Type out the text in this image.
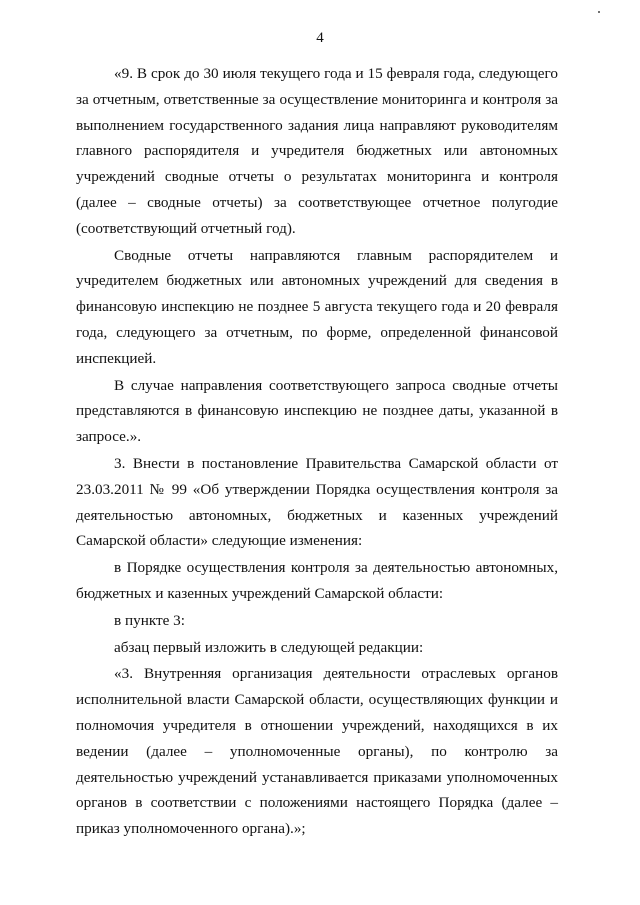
4

«9. В срок до 30 июля текущего года и 15 февраля года, следующего за отчетным, ответственные за осуществление мониторинга и контроля за выполнением государственного задания лица направляют руководителям главного распорядителя и учредителя бюджетных или автономных учреждений сводные отчеты о результатах мониторинга и контроля (далее – сводные отчеты) за соответствующее отчетное полугодие (соответствующий отчетный год).

Сводные отчеты направляются главным распорядителем и учредителем бюджетных или автономных учреждений для сведения в финансовую инспекцию не позднее 5 августа текущего года и 20 февраля года, следующего за отчетным, по форме, определенной финансовой инспекцией.

В случае направления соответствующего запроса сводные отчеты представляются в финансовую инспекцию не позднее даты, указанной в запросе.».

3. Внести в постановление Правительства Самарской области от 23.03.2011 № 99 «Об утверждении Порядка осуществления контроля за деятельностью автономных, бюджетных и казенных учреждений Самарской области» следующие изменения:

в Порядке осуществления контроля за деятельностью автономных, бюджетных и казенных учреждений Самарской области:

в пункте 3:

абзац первый изложить в следующей редакции:

«3. Внутренняя организация деятельности отраслевых органов исполнительной власти Самарской области, осуществляющих функции и полномочия учредителя в отношении учреждений, находящихся в их ведении (далее – уполномоченные органы), по контролю за деятельностью учреждений устанавливается приказами уполномоченных органов в соответствии с положениями настоящего Порядка (далее – приказ уполномоченного органа).»;
